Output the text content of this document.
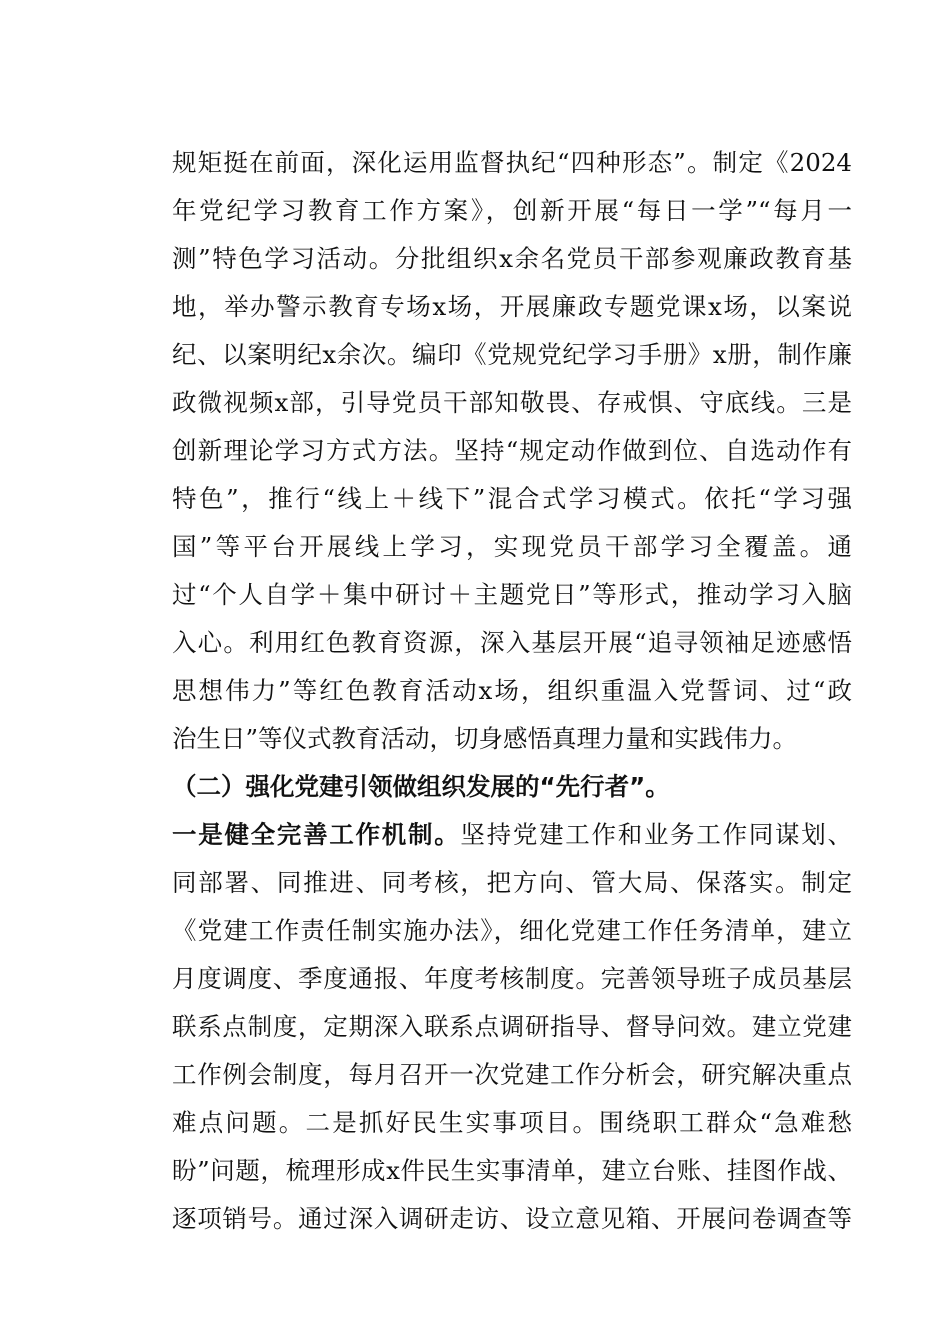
规矩挺在前面，深化运用监督执纪“四种形态”。制定《2024
年党纪学习教育工作方案》，创新开展“每日一学”“每月一
测”特色学习活动。分批组织x余名党员干部参观廉政教育基
地，举办警示教育专场x场，开展廉政专题党课x场，以案说
纪、以案明纪x余次。编印《党规党纪学习手册》x册，制作廉
政微视频x部，引导党员干部知敬畏、存戒惧、守底线。三是
创新理论学习方式方法。坚持“规定动作做到位、自选动作有
特色”，推行“线上＋线下”混合式学习模式。依托“学习强
国”等平台开展线上学习，实现党员干部学习全覆盖。通
过“个人自学＋集中研讨＋主题党日”等形式，推动学习入脑
入心。利用红色教育资源，深入基层开展“追寻领袖足迹感悟
思想伟力”等红色教育活动x场，组织重温入党誓词、过“政
治生日”等仪式教育活动，切身感悟真理力量和实践伟力。
（二）强化党建引领做组织发展的“先行者”。
一是健全完善工作机制。坚持党建工作和业务工作同谋划、
同部署、同推进、同考核，把方向、管大局、保落实。制定
《党建工作责任制实施办法》，细化党建工作任务清单，建立
月度调度、季度通报、年度考核制度。完善领导班子成员基层
联系点制度，定期深入联系点调研指导、督导问效。建立党建
工作例会制度，每月召开一次党建工作分析会，研究解决重点
难点问题。二是抓好民生实事项目。围绕职工群众“急难愁
盼”问题，梳理形成x件民生实事清单，建立台账、挂图作战、
逐项销号。通过深入调研走访、设立意见箱、开展问卷调查等
